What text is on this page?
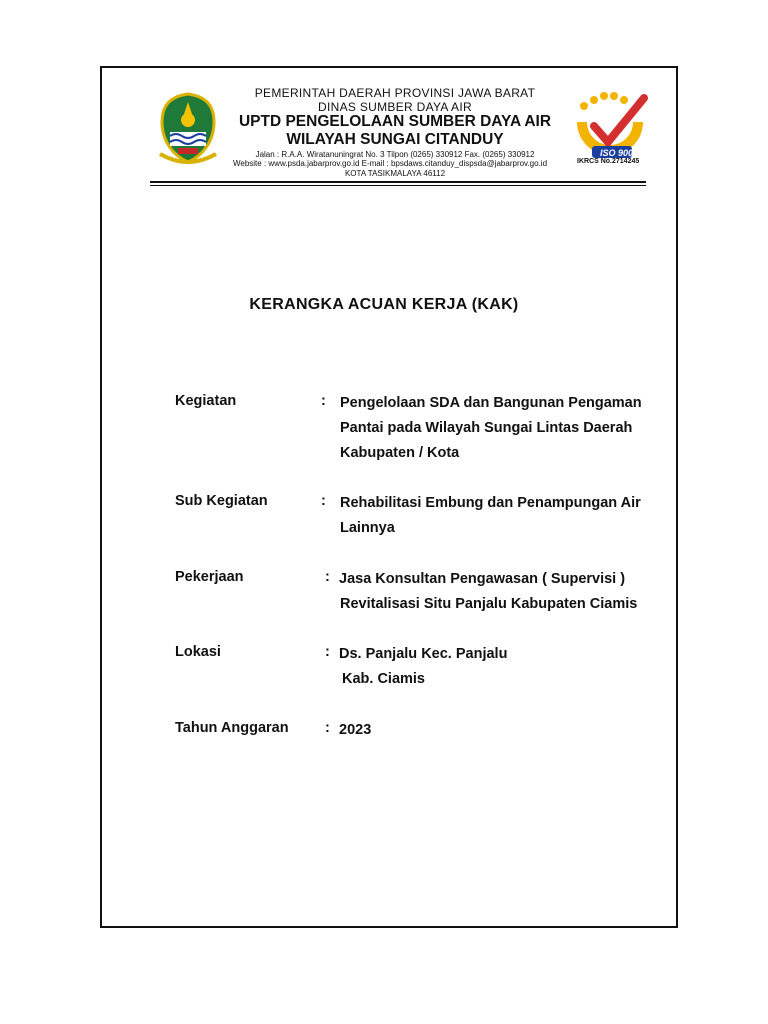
ISO 9001
IKRCS No.2714245
PEMERINTAH DAERAH PROVINSI JAWA BARAT
DINAS SUMBER DAYA AIR
UPTD PENGELOLAAN SUMBER DAYA AIR
WILAYAH SUNGAI CITANDUY
Jalan : R.A.A. Wiratanuningrat No. 3 Tilpon (0265) 330912 Fax. (0265) 330912
Website : www.psda.jabarprov.go.id E-mail : bpsdaws.citanduy_dispsda@jabarprov.go.id
KOTA TASIKMALAYA 46112
KERANGKA ACUAN KERJA (KAK)
Kegiatan	: Pengelolaan SDA dan Bangunan Pengaman
Pantai pada Wilayah Sungai Lintas Daerah
Kabupaten / Kota
Sub Kegiatan	: Rehabilitasi Embung dan Penampungan Air
Lainnya
Pekerjaan	: Jasa Konsultan Pengawasan ( Supervisi )
Revitalisasi Situ Panjalu Kabupaten Ciamis
Lokasi	: Ds. Panjalu Kec. Panjalu
Kab. Ciamis
Tahun Anggaran	: 2023
